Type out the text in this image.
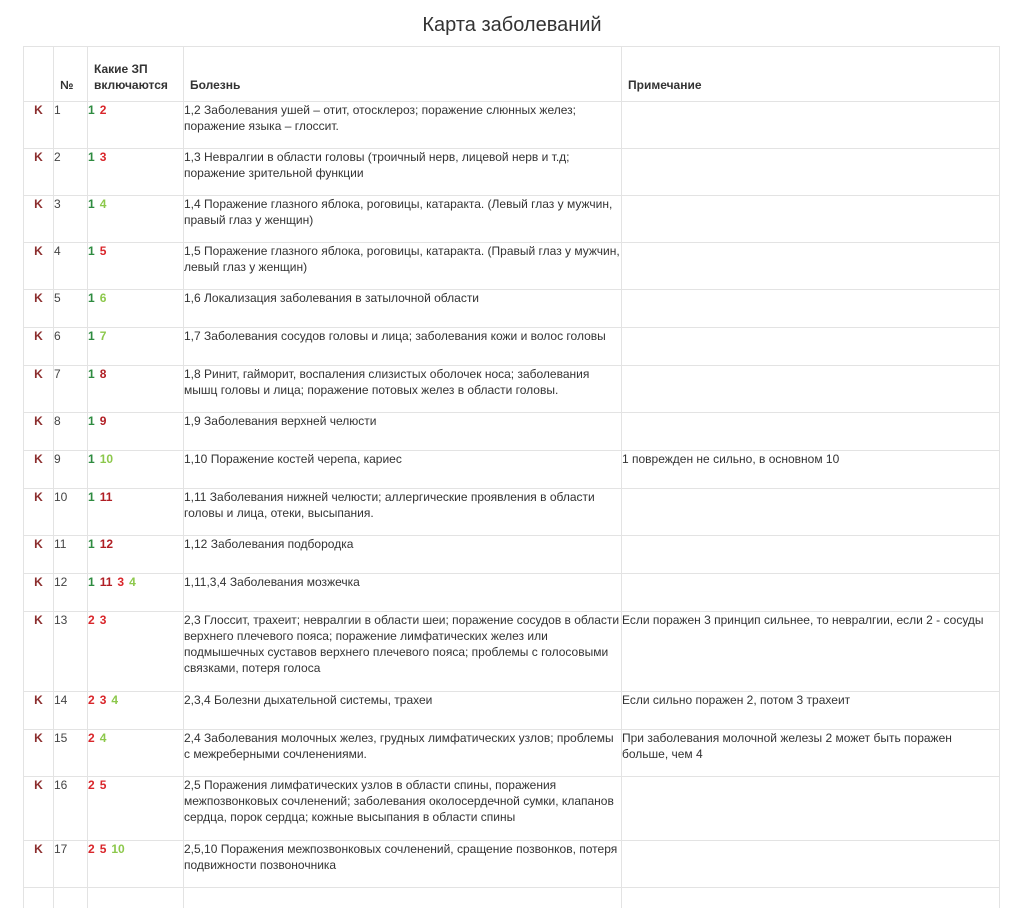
Карта заболеваний
	№	Какие ЗП включаются	Болезнь	Примечание
K	1	1 2	1,2 Заболевания ушей – отит, отосклероз; поражение слюнных желез; поражение языка – глоссит.	
K	2	1 3	1,3 Невралгии в области головы (троичный нерв, лицевой нерв и т.д; поражение зрительной функции	
K	3	1 4	1,4 Поражение глазного яблока, роговицы, катаракта. (Левый глаз у мужчин, правый глаз у женщин)	
K	4	1 5	1,5 Поражение глазного яблока, роговицы, катаракта. (Правый глаз у мужчин, левый глаз у женщин)	
K	5	1 6	1,6 Локализация заболевания в затылочной области	
K	6	1 7	1,7 Заболевания сосудов головы и лица; заболевания кожи и волос головы	
K	7	1 8	1,8 Ринит, гайморит, воспаления слизистых оболочек носа; заболевания мышц головы и лица; поражение потовых желез в области головы.	
K	8	1 9	1,9 Заболевания верхней челюсти	
K	9	1 10	1,10 Поражение костей черепа, кариес	1 поврежден не сильно, в основном 10
K	10	1 11	1,11 Заболевания нижней челюсти; аллергические проявления в области головы и лица, отеки, высыпания.	
K	11	1 12	1,12 Заболевания подбородка	
K	12	1 11 3 4	1,11,3,4 Заболевания мозжечка	
K	13	2 3	2,3 Глоссит, трахеит; невралгии в области шеи; поражение сосудов в области верхнего плечевого пояса; поражение лимфатических желез или подмышечных суставов верхнего плечевого пояса; проблемы с голосовыми связками, потеря голоса	Если поражен 3 принцип сильнее, то невралгии, если 2 - сосуды
K	14	2 3 4	2,3,4 Болезни дыхательной системы, трахеи	Если сильно поражен 2, потом 3 трахеит
K	15	2 4	2,4 Заболевания молочных желез, грудных лимфатических узлов; проблемы с межреберными сочленениями.	При заболевания молочной железы 2 может быть поражен больше, чем 4
K	16	2 5	2,5 Поражения лимфатических узлов в области спины, поражения межпозвонковых сочленений; заболевания околосердечной сумки, клапанов сердца, порок сердца; кожные высыпания в области спины	
K	17	2 5 10	2,5,10 Поражения межпозвонковых сочленений, сращение позвонков, потеря подвижности позвоночника	
